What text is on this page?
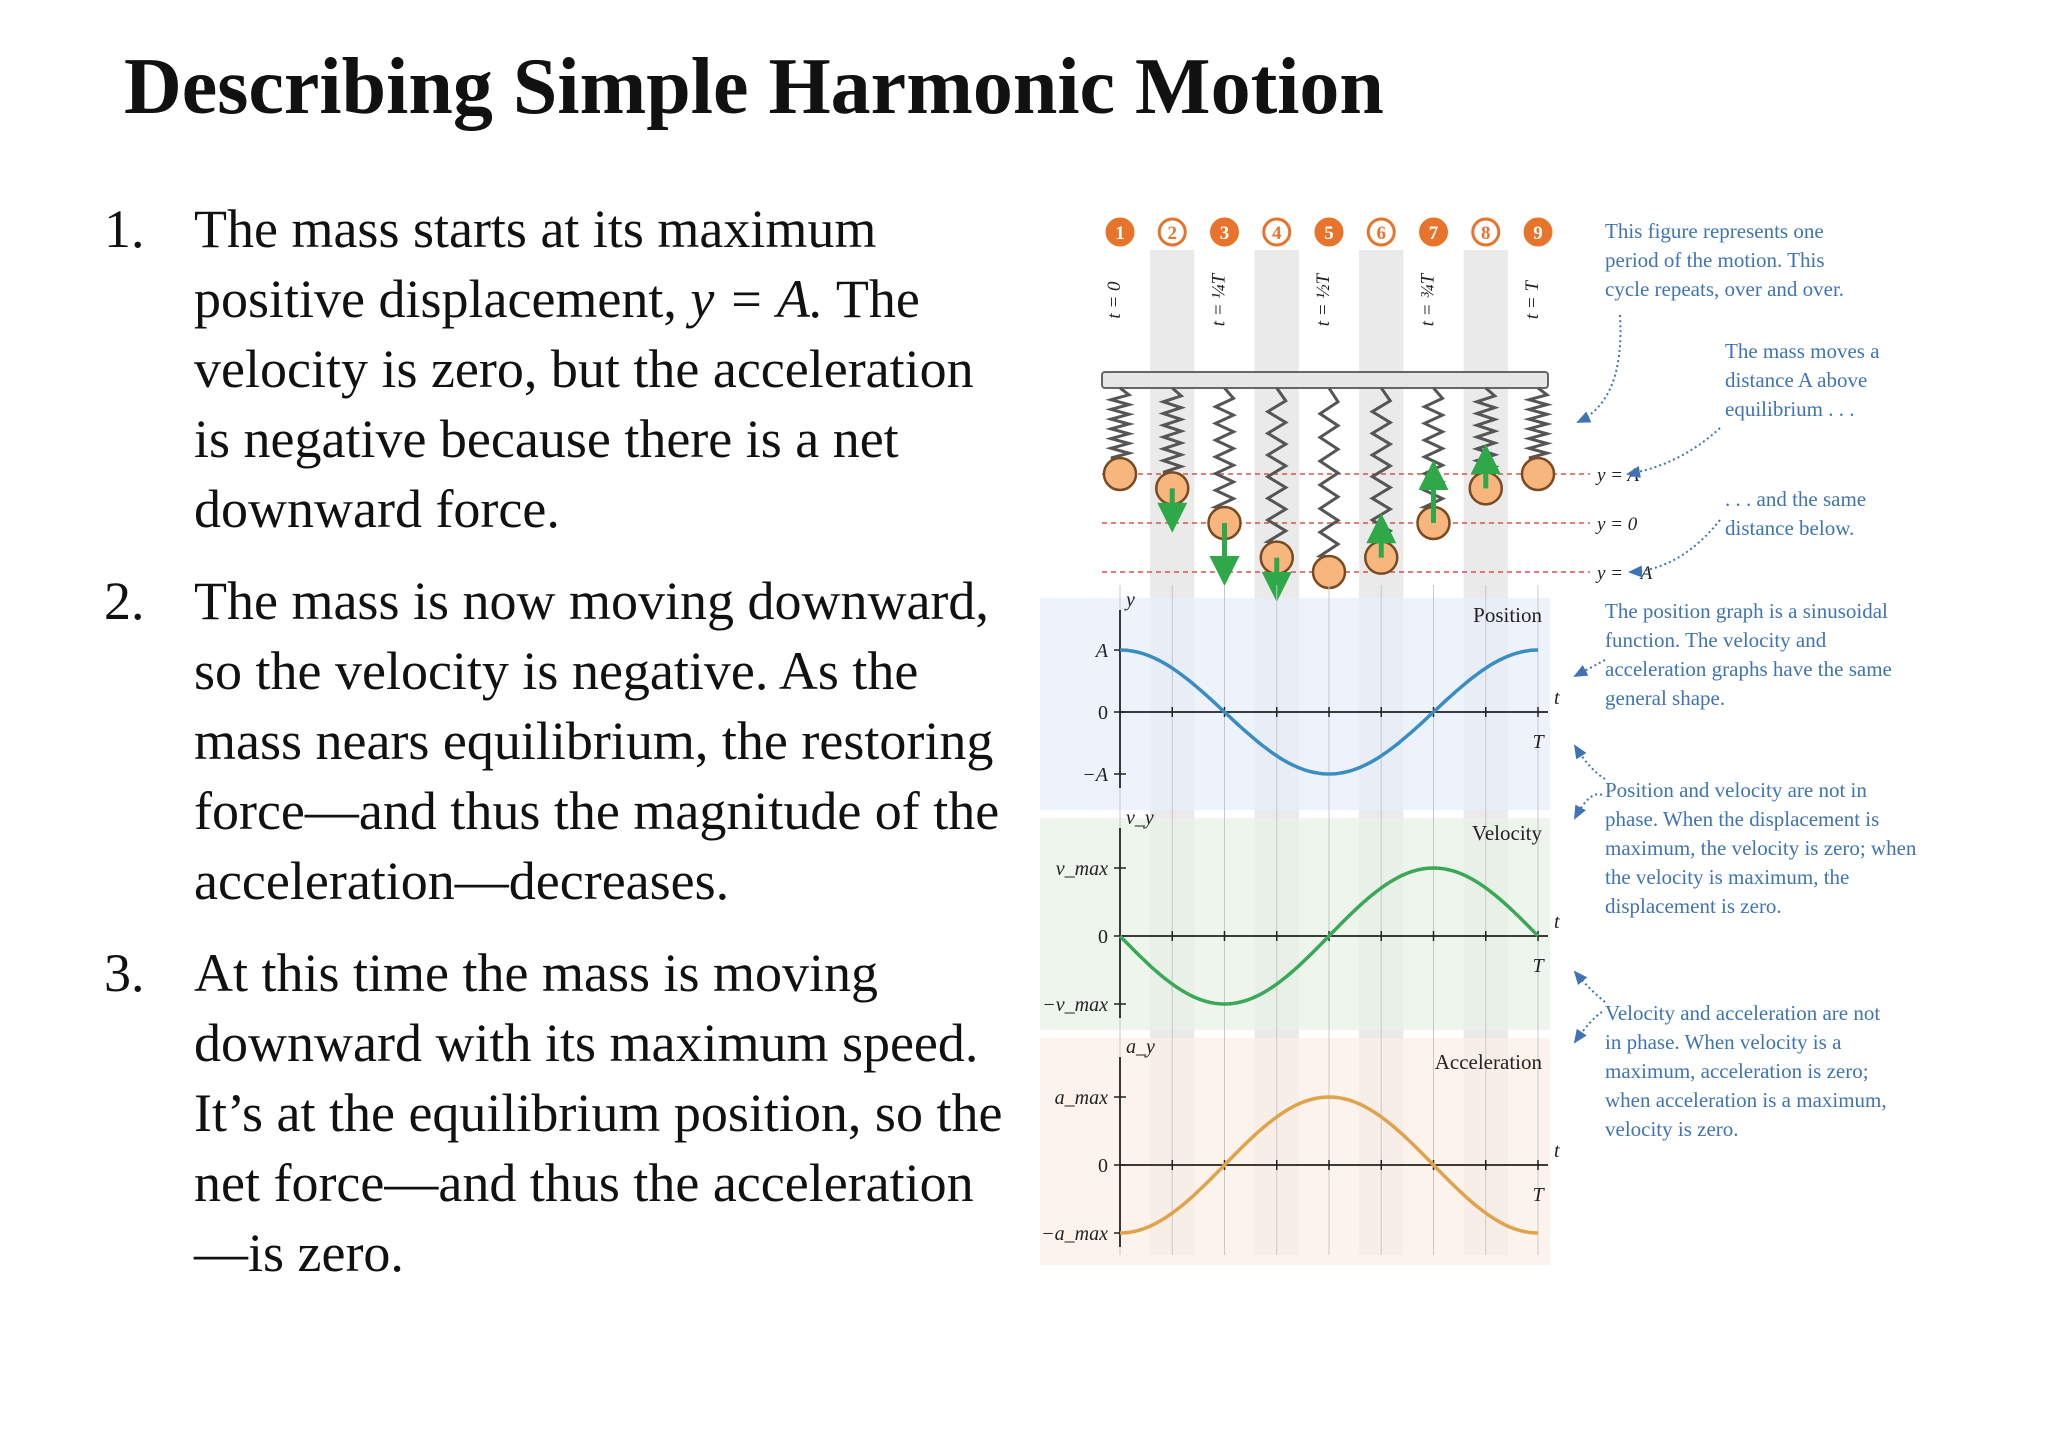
Describing Simple Harmonic Motion
1. The mass starts at its maximum positive displacement, y = A. The velocity is zero, but the acceleration is negative because there is a net downward force.
2. The mass is now moving downward, so the velocity is negative. As the mass nears equilibrium, the restoring force—and thus the magnitude of the acceleration—decreases.
3. At this time the mass is moving downward with its maximum speed. It’s at the equilibrium position, so the net force—and thus the acceleration—is zero.
1 2 3 4 5 6 7 8 9
t = 0	t = ¼T	t = ½T	t = ¾T	t = T
y = A
y = 0
y = −A
y
A
0
−A
t
T
Position
v_y
v_max
0
−v_max
t
T
Velocity
a_y
a_max
0
−a_max
t
T
Acceleration
This figure represents one period of the motion. This cycle repeats, over and over.
The mass moves a distance A above equilibrium . . .
. . . and the same distance below.
The position graph is a sinusoidal function. The velocity and acceleration graphs have the same general shape.
Position and velocity are not in phase. When the displacement is maximum, the velocity is zero; when the velocity is maximum, the displacement is zero.
Velocity and acceleration are not in phase. When velocity is a maximum, acceleration is zero; when acceleration is a maximum, velocity is zero.
